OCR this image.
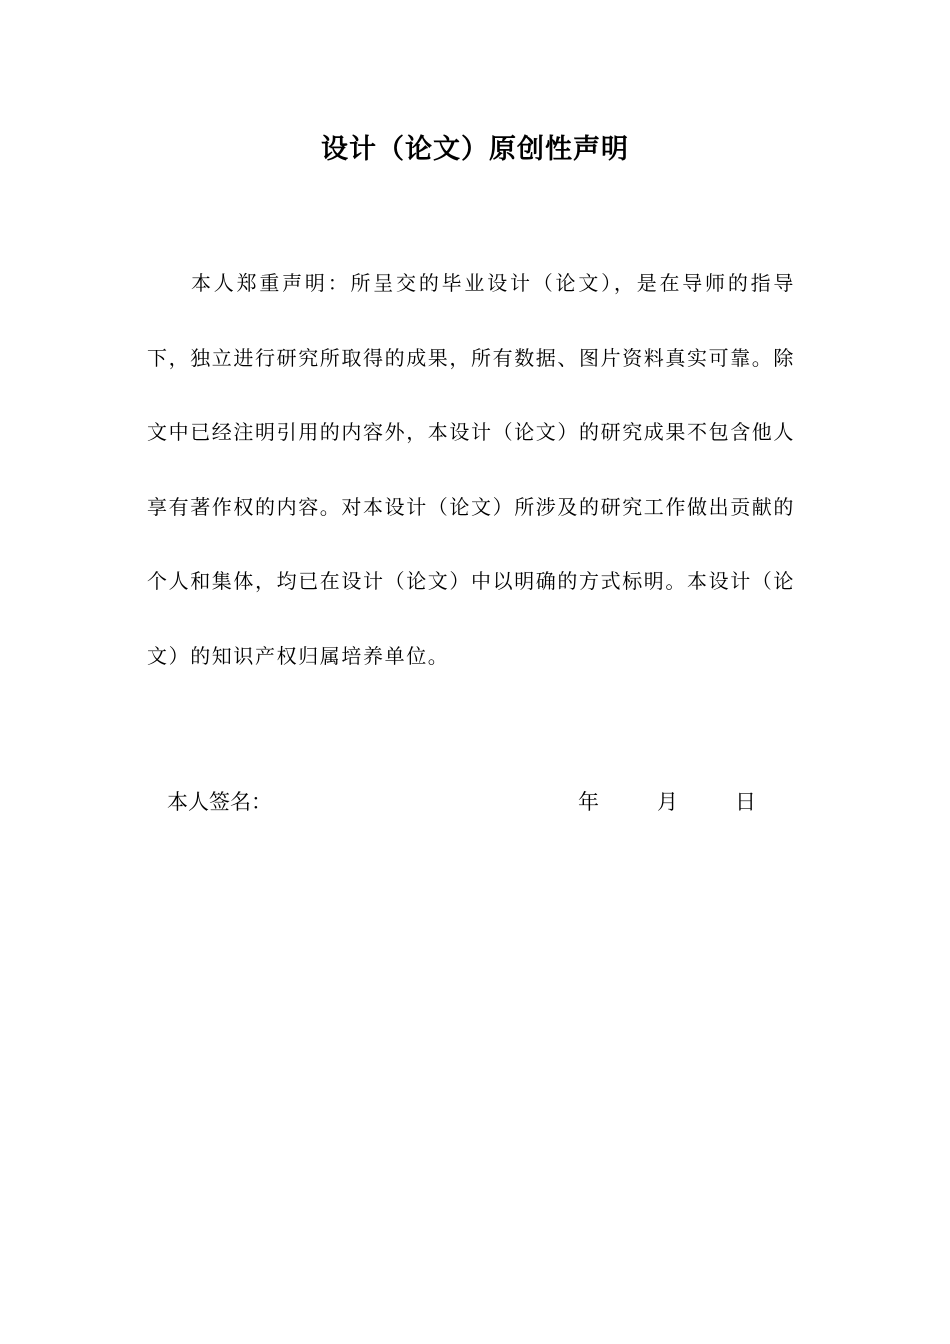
设计（论文）原创性声明
本人郑重声明：所呈交的毕业设计（论文），是在导师的指导下，独立进行研究所取得的成果，所有数据、图片资料真实可靠。除文中已经注明引用的内容外，本设计（论文）的研究成果不包含他人享有著作权的内容。对本设计（论文）所涉及的研究工作做出贡献的个人和集体，均已在设计（论文）中以明确的方式标明。本设计（论文）的知识产权归属培养单位。
本人签名：	年	月	日
